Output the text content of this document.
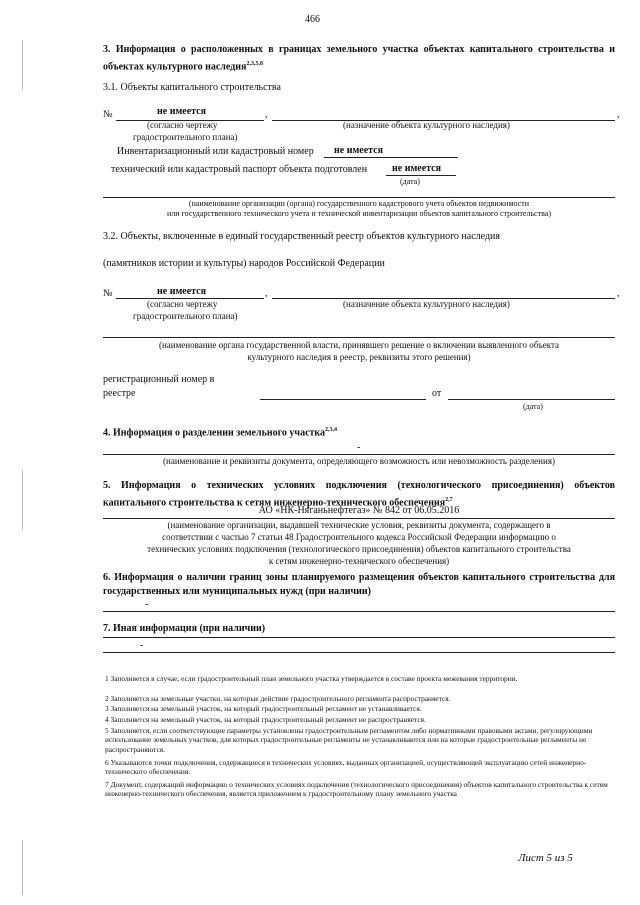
466
3. Информация о расположенных в границах земельного участка объектах капитального строительства и объектах культурного наследия$^{2,3,5,6}$
3.1. Объекты капитального строительства
№	не имеется	,	,
(согласно чертежу
градостроительного плана)
(назначение объекта культурного наследия)
Инвентаризационный или кадастровый номер не имеется
технический или кадастровый паспорт объекта подготовлен не имеется
(дата)
(наименование организации (органа) государственного кадастрового учета объектов недвижимости
или государственного технического учета и технической инвентаризации объектов капитального строительства)
3.2. Объекты, включенные в единый государственный реестр объектов культурного наследия
(памятников истории и культуры) народов Российской Федерации
№	не имеется	,	,
(согласно чертежу
градостроительного плана)
(назначение объекта культурного наследия)
(наименование органа государственной власти, принявшего решение о включении выявленного объекта
культурного наследия в реестр, реквизиты этого решения)
регистрационный номер в
реестре	от
(дата)
4. Информация о разделении земельного участка$^{2,3,4}$
-
(наименование и реквизиты документа, определяющего возможность или невозможность разделения)
5. Информация о технических условиях подключения (технологического присоединения) объектов капитального строительства к сетям инженерно-технического обеспечения$^{2,7}$
АО «НК-Няганьнефтегаз» № 842 от 06.05.2016
(наименование организации, выдавшей технические условия, реквизиты документа, содержащего в
соответствии с частью 7 статьи 48 Градостроительного кодекса Российской Федерации информацию о
технических условиях подключения (технологического присоединения) объектов капитального строительства
к сетям инженерно-технического обеспечения)
6. Информация о наличии границ зоны планируемого размещения объектов капитального строительства для государственных или муниципальных нужд (при наличии)
-
7. Иная информация (при наличии)
-
1 Заполняется в случае, если градостроительный план земельного участка утверждается в составе проекта межевания территории.
2 Заполняется на земельные участки, на которые действие градостроительного регламента распространяется.
3 Заполняется на земельный участок, на который градостроительный регламент не устанавливается.
4 Заполняется на земельный участок, на который градостроительный регламент не распространяется.
5 Заполняется, если соответствующие параметры установлены градостроительным регламентом либо нормативными правовыми актами, регулирующими использование земельных участков, для которых градостроительные регламенты не устанавливаются или на которые градостроительные регламенты не распространяются.
6 Указываются точки подключения, содержащиеся в технических условиях, выданных организацией, осуществляющей эксплуатацию сетей инженерно-технического обеспечения.
7 Документ, содержащий информацию о технических условиях подключения (технологического присоединения) объектов капитального строительства к сетям инженерно-технического обеспечения, является приложением к градостроительному плану земельного участка
Лист 5 из 5
